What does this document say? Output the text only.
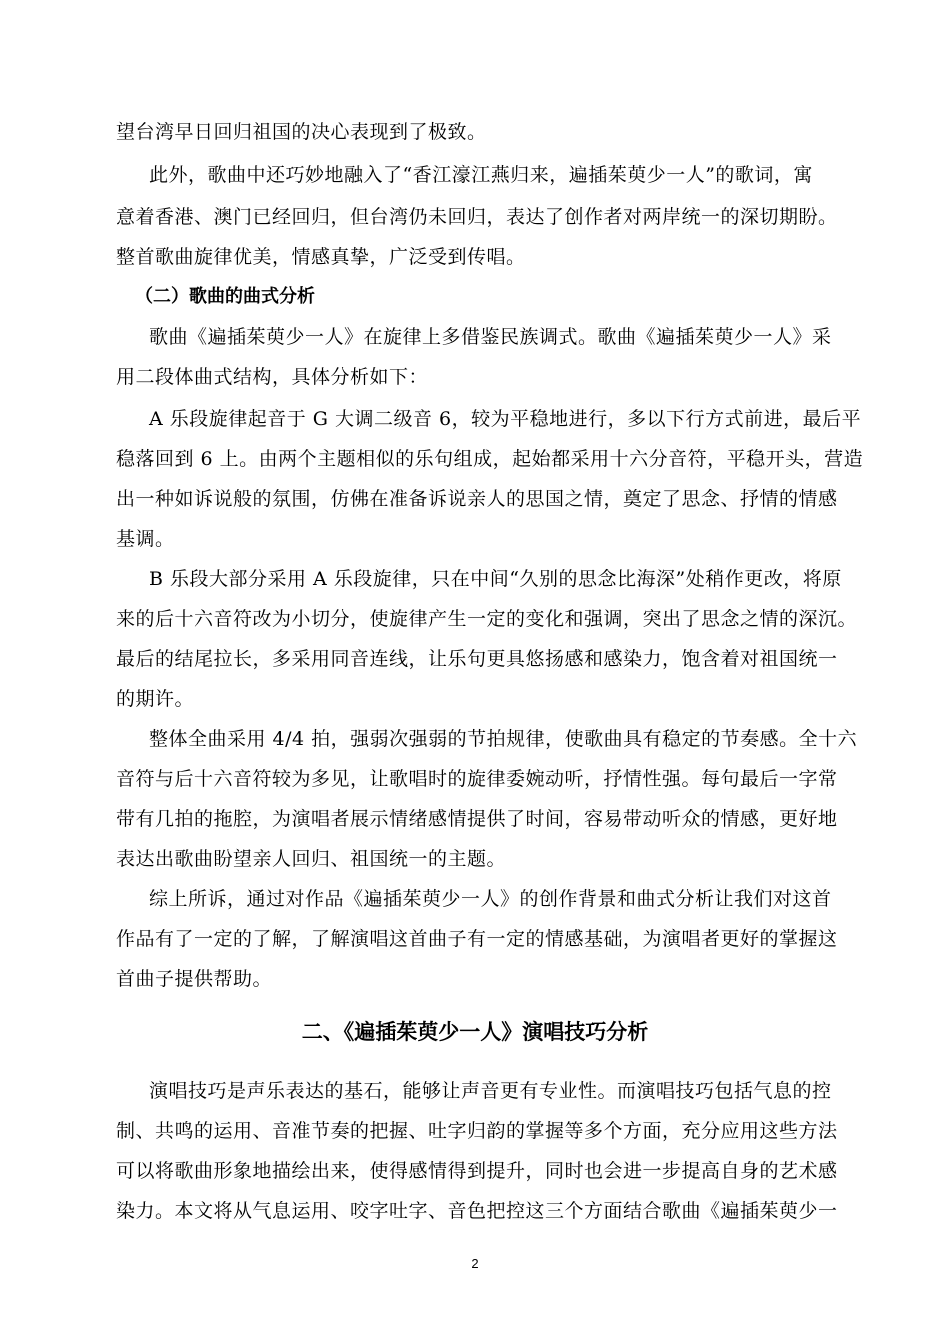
望台湾早日回归祖国的决心表现到了极致。
此外，歌曲中还巧妙地融入了“香江濠江燕归来，遍插茱萸少一人”的歌词，寓
意着香港、澳门已经回归，但台湾仍未回归，表达了创作者对两岸统一的深切期盼。
整首歌曲旋律优美，情感真挚，广泛受到传唱。
（二）歌曲的曲式分析
歌曲《遍插茱萸少一人》在旋律上多借鉴民族调式。歌曲《遍插茱萸少一人》采
用二段体曲式结构，具体分析如下：
A 乐段旋律起音于 G 大调二级音 6，较为平稳地进行，多以下行方式前进，最后平
稳落回到 6 上。由两个主题相似的乐句组成，起始都采用十六分音符，平稳开头，营造
出一种如诉说般的氛围，仿佛在准备诉说亲人的思国之情，奠定了思念、抒情的情感
基调。
B 乐段大部分采用 A 乐段旋律，只在中间“久别的思念比海深”处稍作更改，将原
来的后十六音符改为小切分，使旋律产生一定的变化和强调，突出了思念之情的深沉。
最后的结尾拉长，多采用同音连线，让乐句更具悠扬感和感染力，饱含着对祖国统一
的期许。
整体全曲采用 4/4 拍，强弱次强弱的节拍规律，使歌曲具有稳定的节奏感。全十六
音符与后十六音符较为多见，让歌唱时的旋律委婉动听，抒情性强。每句最后一字常
带有几拍的拖腔，为演唱者展示情绪感情提供了时间，容易带动听众的情感，更好地
表达出歌曲盼望亲人回归、祖国统一的主题。
综上所诉，通过对作品《遍插茱萸少一人》的创作背景和曲式分析让我们对这首
作品有了一定的了解，了解演唱这首曲子有一定的情感基础，为演唱者更好的掌握这
首曲子提供帮助。
二、《遍插茱萸少一人》演唱技巧分析
演唱技巧是声乐表达的基石，能够让声音更有专业性。而演唱技巧包括气息的控
制、共鸣的运用、音准节奏的把握、吐字归韵的掌握等多个方面，充分应用这些方法
可以将歌曲形象地描绘出来，使得感情得到提升，同时也会进一步提高自身的艺术感
染力。本文将从气息运用、咬字吐字、音色把控这三个方面结合歌曲《遍插茱萸少一
2
